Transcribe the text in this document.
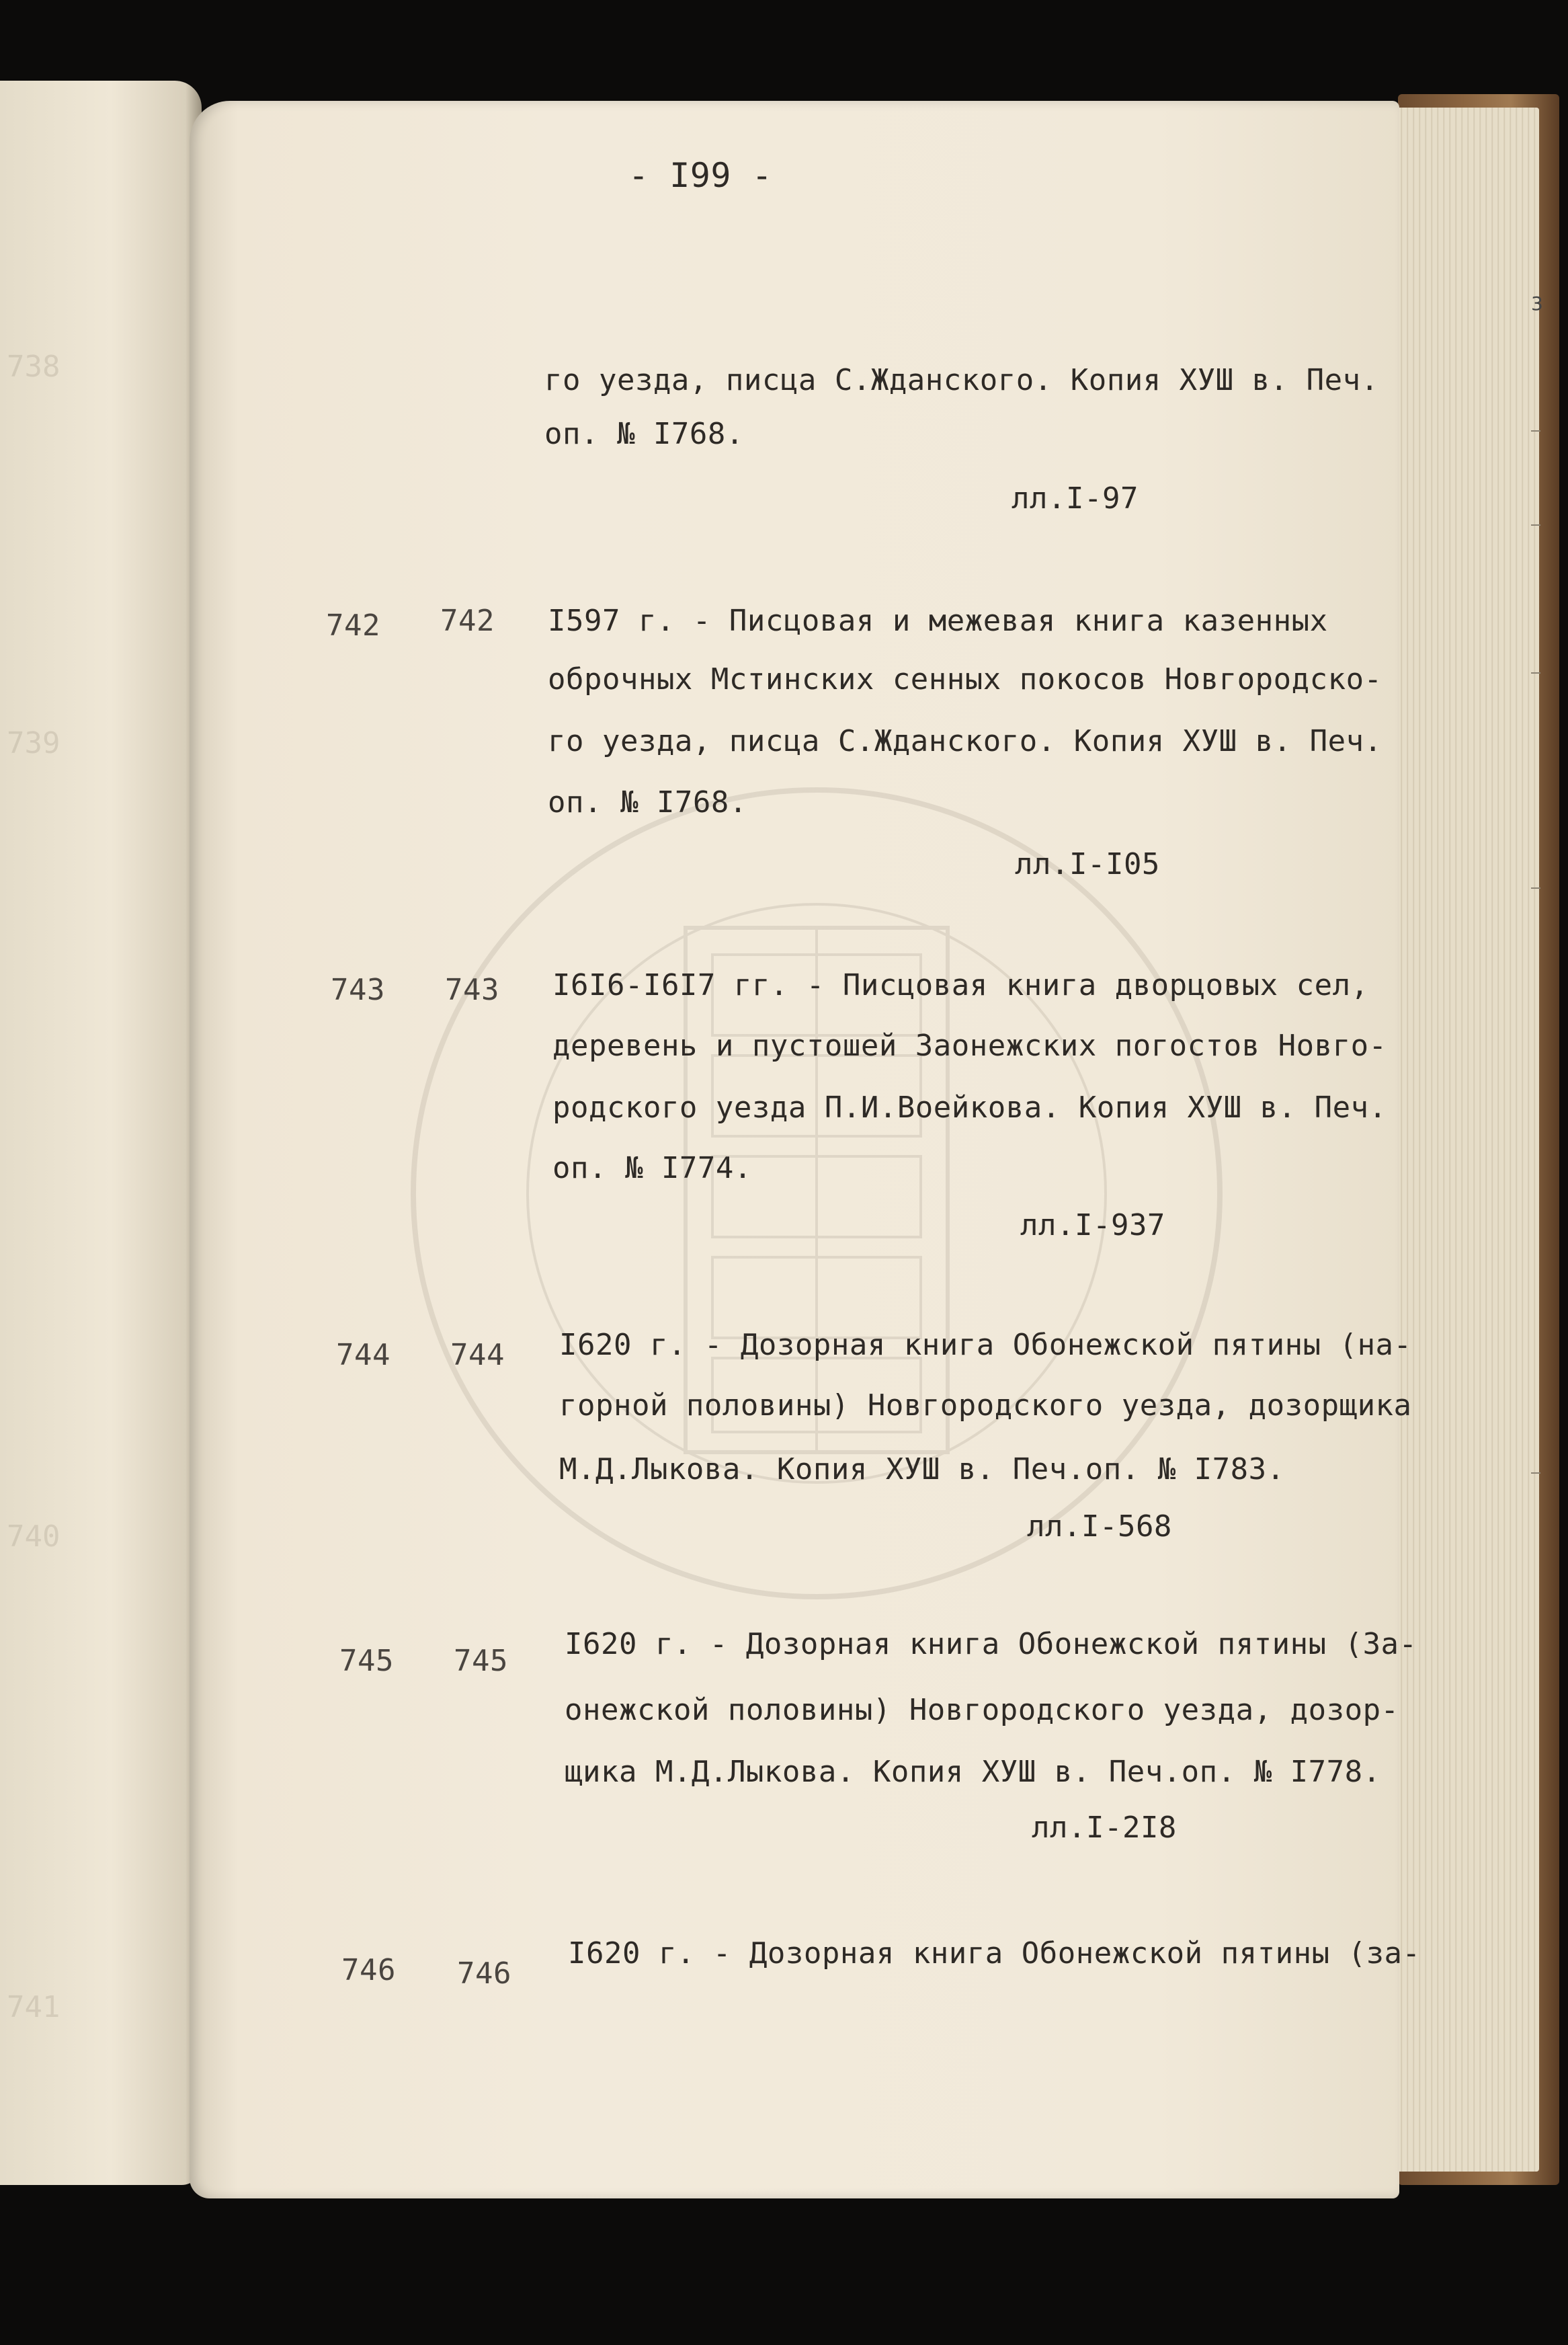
738
739
740
741
- I99 -
3
го уезда, писца С.Жданского. Копия ХУШ в. Печ.
оп. № I768.
лл.I-97
742 742 I597 г. - Писцовая и межевая книга казенных
оброчных Мстинских сенных покосов Новгородско-
го уезда, писца С.Жданского. Копия ХУШ в. Печ.
оп. № I768.
лл.I-I05
743 743 I6I6-I6I7 гг. - Писцовая книга дворцовых сел,
деревень и пустошей Заонежских погостов Новго-
родского уезда П.И.Воейкова. Копия ХУШ в. Печ.
оп. № I774.
лл.I-937
744 744 I620 г. - Дозорная книга Обонежской пятины (на-
горной половины) Новгородского уезда, дозорщика
М.Д.Лыкова. Копия ХУШ в. Печ.оп. № I783.
лл.I-568
745 745 I620 г. - Дозорная книга Обонежской пятины (За-
онежской половины) Новгородского уезда, дозор-
щика М.Д.Лыкова. Копия ХУШ в. Печ.оп. № I778.
лл.I-2I8
746 746
I620 г. - Дозорная книга Обонежской пятины (за-
